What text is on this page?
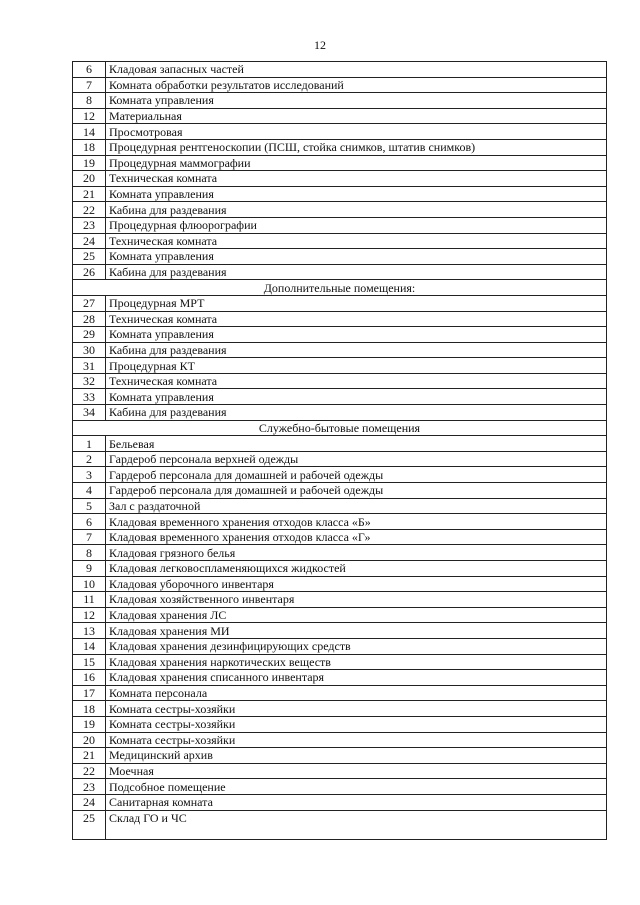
12
6	Кладовая запасных частей
7	Комната обработки результатов исследований
8	Комната управления
12	Материальная
14	Просмотровая
18	Процедурная рентгеноскопии (ПСШ, стойка снимков, штатив снимков)
19	Процедурная маммографии
20	Техническая комната
21	Комната управления
22	Кабина для раздевания
23	Процедурная флюорографии
24	Техническая комната
25	Комната управления
26	Кабина для раздевания
Дополнительные помещения:	
27	Процедурная МРТ
28	Техническая комната
29	Комната управления
30	Кабина для раздевания
31	Процедурная КТ
32	Техническая комната
33	Комната управления
34	Кабина для раздевания
Служебно-бытовые помещения	
1	Бельевая
2	Гардероб персонала верхней одежды
3	Гардероб персонала для домашней и рабочей одежды
4	Гардероб персонала для домашней и рабочей одежды
5	Зал с раздаточной
6	Кладовая временного хранения отходов класса «Б»
7	Кладовая временного хранения отходов класса «Г»
8	Кладовая грязного белья
9	Кладовая легковоспламеняющихся жидкостей
10	Кладовая уборочного инвентаря
11	Кладовая хозяйственного инвентаря
12	Кладовая хранения ЛС
13	Кладовая хранения МИ
14	Кладовая хранения дезинфицирующих средств
15	Кладовая хранения наркотических веществ
16	Кладовая хранения списанного инвентаря
17	Комната персонала
18	Комната сестры-хозяйки
19	Комната сестры-хозяйки
20	Комната сестры-хозяйки
21	Медицинский архив
22	Моечная
23	Подсобное помещение
24	Санитарная комната
25	Склад ГО и ЧС
